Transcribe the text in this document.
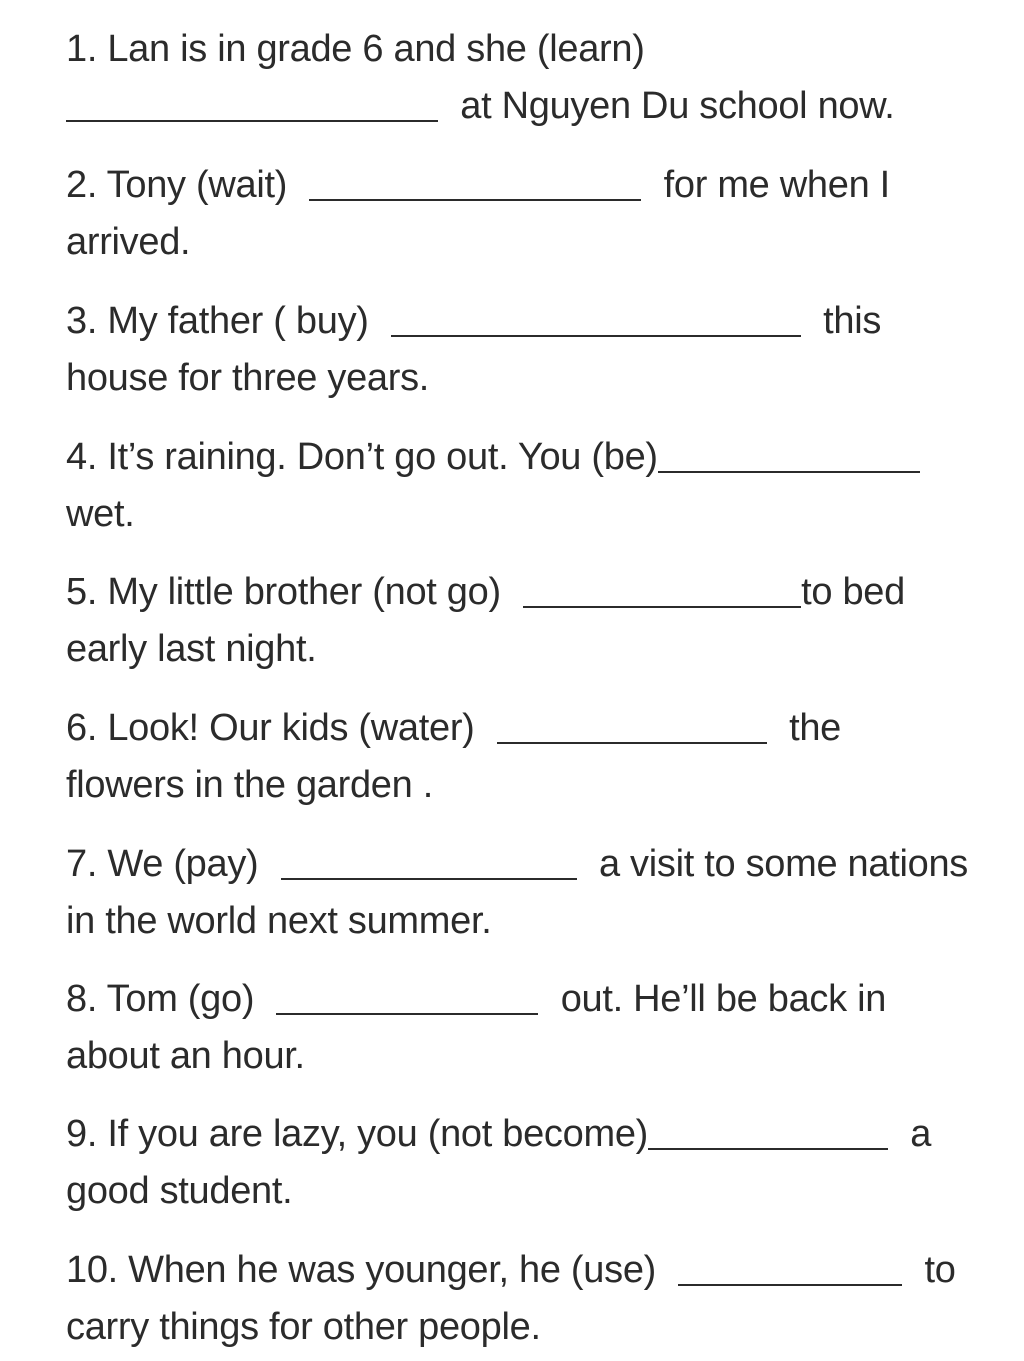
1. Lan is in grade 6 and she (learn)
at Nguyen Du school now.
2. Tony (wait)	for me when I
arrived.
3. My father ( buy)	this
house for three years.
4. It’s raining. Don’t go out. You (be)
wet.
5. My little brother (not go)	to bed
early last night.
6. Look! Our kids (water)	the
flowers in the garden .
7. We (pay)	a visit to some nations
in the world next summer.
8. Tom (go)	out. He’ll be back in
about an hour.
9. If you are lazy, you (not become)	a
good student.
10. When he was younger, he (use)	to
carry things for other people.
